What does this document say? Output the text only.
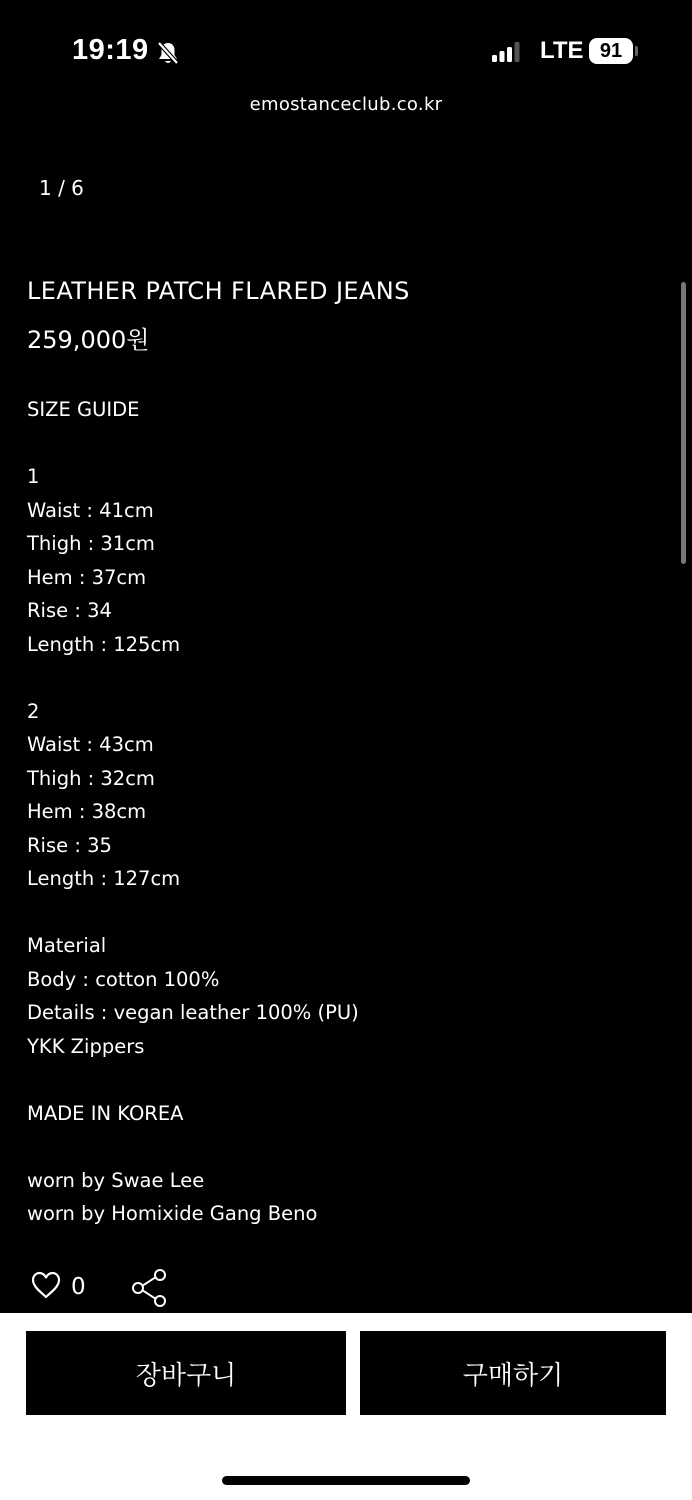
19:19	LTE 91
emostanceclub.co.kr
1 / 6
LEATHER PATCH FLARED JEANS
259,000원
SIZE GUIDE
1
Waist : 41cm
Thigh : 31cm
Hem : 37cm
Rise : 34
Length : 125cm
2
Waist : 43cm
Thigh : 32cm
Hem : 38cm
Rise : 35
Length : 127cm
Material
Body : cotton 100%
Details : vegan leather 100% (PU)
YKK Zippers
MADE IN KOREA
worn by Swae Lee
worn by Homixide Gang Beno
0
장바구니	구매하기
